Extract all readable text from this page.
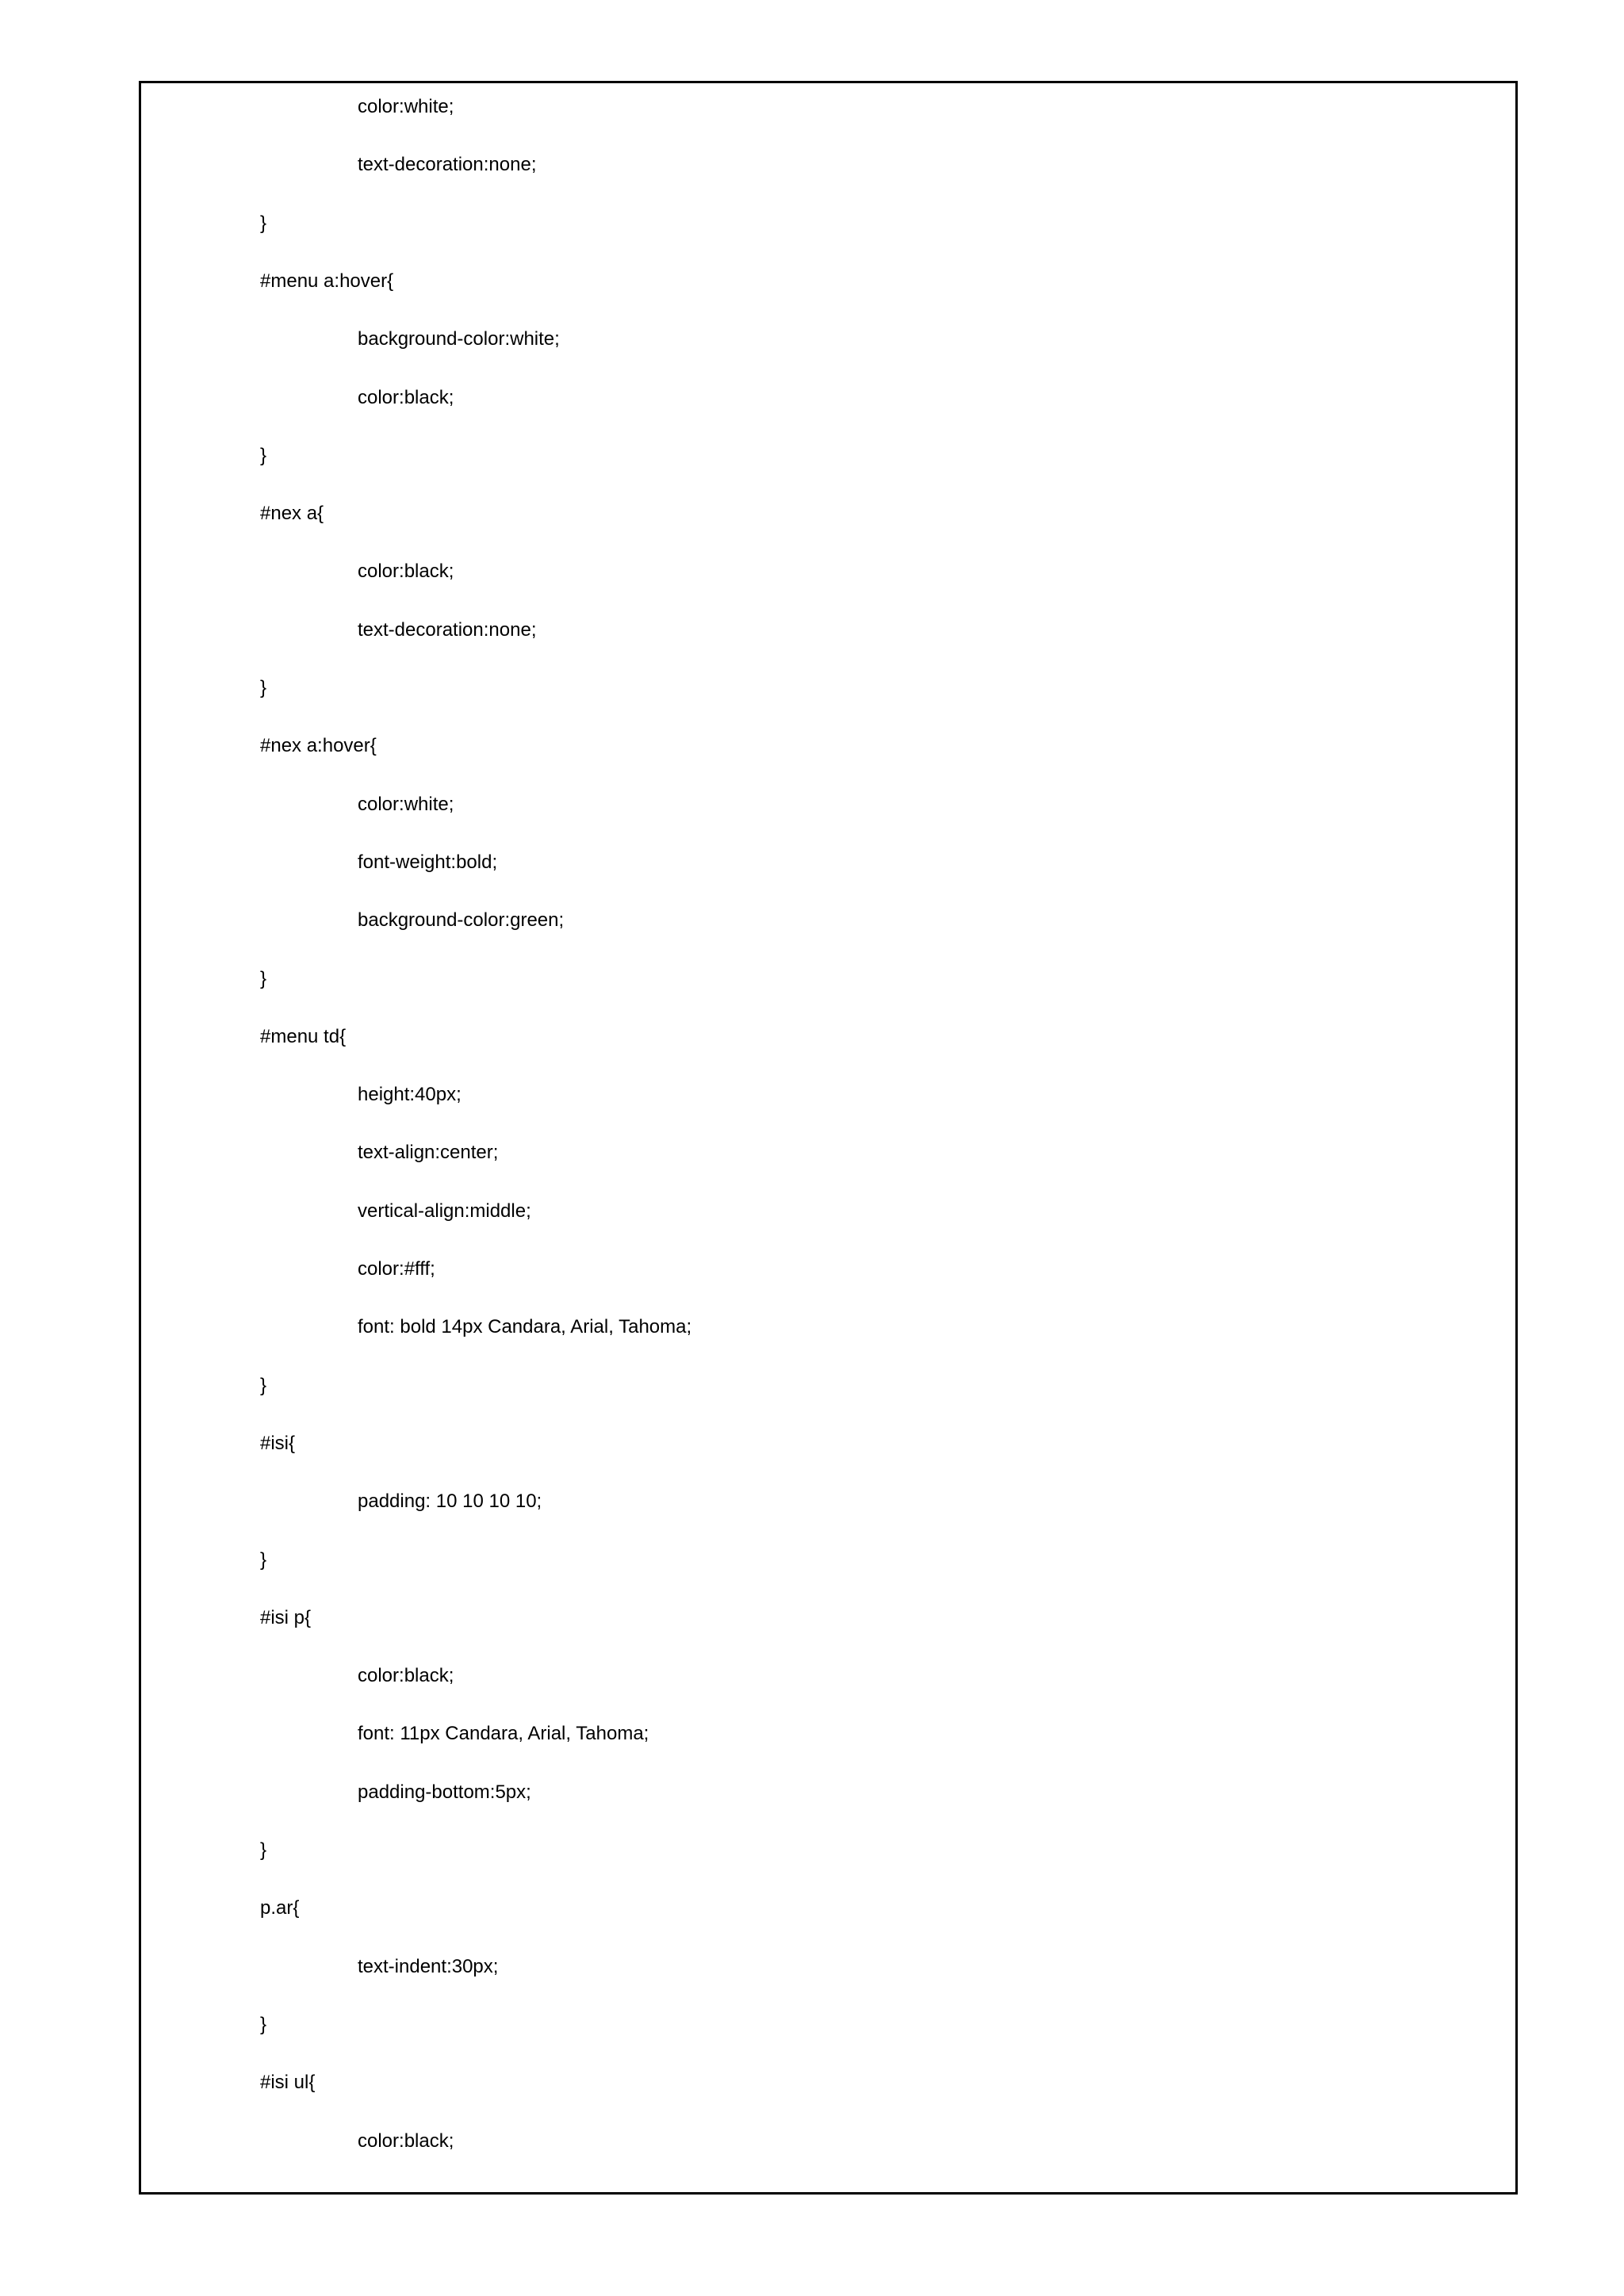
color:white;
text-decoration:none;
}
#menu a:hover{
background-color:white;
color:black;
}
#nex a{
color:black;
text-decoration:none;
}
#nex a:hover{
color:white;
font-weight:bold;
background-color:green;
}
#menu td{
height:40px;
text-align:center;
vertical-align:middle;
color:#fff;
font: bold 14px Candara, Arial, Tahoma;
}
#isi{
padding: 10 10 10 10;
}
#isi p{
color:black;
font: 11px Candara, Arial, Tahoma;
padding-bottom:5px;
}
p.ar{
text-indent:30px;
}
#isi ul{
color:black;
